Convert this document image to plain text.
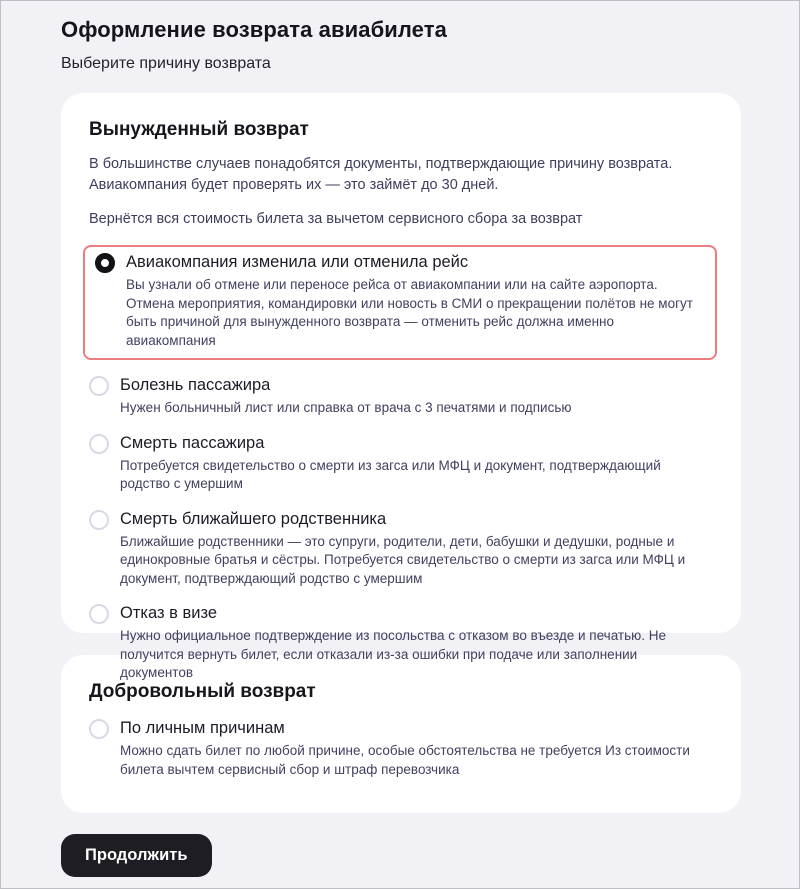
Оформление возврата авиабилета
Выберите причину возврата
Вынужденный возврат

В большинстве случаев понадобятся документы, подтверждающие причину возврата. Авиакомпания будет проверять их — это займёт до 30 дней.

Вернётся вся стоимость билета за вычетом сервисного сбора за возврат

Авиакомпания изменила или отменила рейс
Вы узнали об отмене или переносе рейса от авиакомпании или на сайте аэропорта. Отмена мероприятия, командировки или новость в СМИ о прекращении полётов не могут быть причиной для вынужденного возврата — отменить рейс должна именно авиакомпания
Болезнь пассажира
Нужен больничный лист или справка от врача с 3 печатями и подписью
Смерть пассажира
Потребуется свидетельство о смерти из загса или МФЦ и документ, подтверждающий родство с умершим
Смерть ближайшего родственника
Ближайшие родственники — это супруги, родители, дети, бабушки и дедушки, родные и единокровные братья и сёстры. Потребуется свидетельство о смерти из загса или МФЦ и документ, подтверждающий родство с умершим
Отказ в визе
Нужно официальное подтверждение из посольства с отказом во въезде и печатью. Не получится вернуть билет, если отказали из-за ошибки при подаче или заполнении документов
Добровольный возврат
По личным причинам
Можно сдать билет по любой причине, особые обстоятельства не требуется Из стоимости билета вычтем сервисный сбор и штраф перевозчика
Продолжить
